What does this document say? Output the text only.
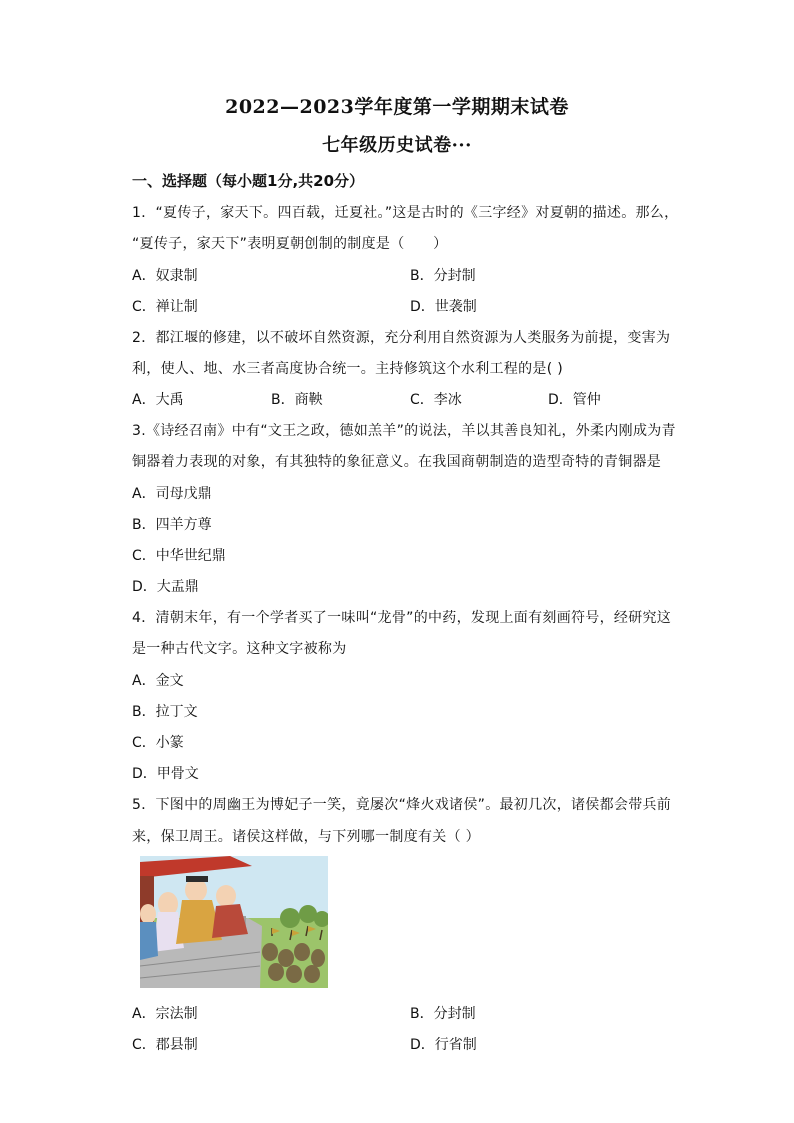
2022—2023学年度第一学期期末试卷
七年级历史试卷···
一、选择题（每小题1分,共20分）
1．“夏传子，家天下。四百载，迁夏社。”这是古时的《三字经》对夏朝的描述。那么，
“夏传子，家天下”表明夏朝创制的制度是（　　）
A．奴隶制	B．分封制
C．禅让制	D．世袭制
2．都江堰的修建，以不破坏自然资源，充分利用自然资源为人类服务为前提，变害为
利，使人、地、水三者高度协合统一。主持修筑这个水利工程的是( )
A．大禹	B．商鞅	C．李冰	D．管仲
3.《诗经召南》中有“文王之政，德如羔羊”的说法，羊以其善良知礼，外柔内刚成为青
铜器着力表现的对象，有其独特的象征意义。在我国商朝制造的造型奇特的青铜器是
A．司母戊鼎
B．四羊方尊
C．中华世纪鼎
D．大盂鼎
4．清朝末年，有一个学者买了一味叫“龙骨”的中药，发现上面有刻画符号，经研究这
是一种古代文字。这种文字被称为
A．金文
B．拉丁文
C．小篆
D．甲骨文
5．下图中的周幽王为博妃子一笑，竟屡次“烽火戏诸侯”。最初几次，诸侯都会带兵前
来，保卫周王。诸侯这样做，与下列哪一制度有关（ ）
A．宗法制	B．分封制
C．郡县制	D．行省制
